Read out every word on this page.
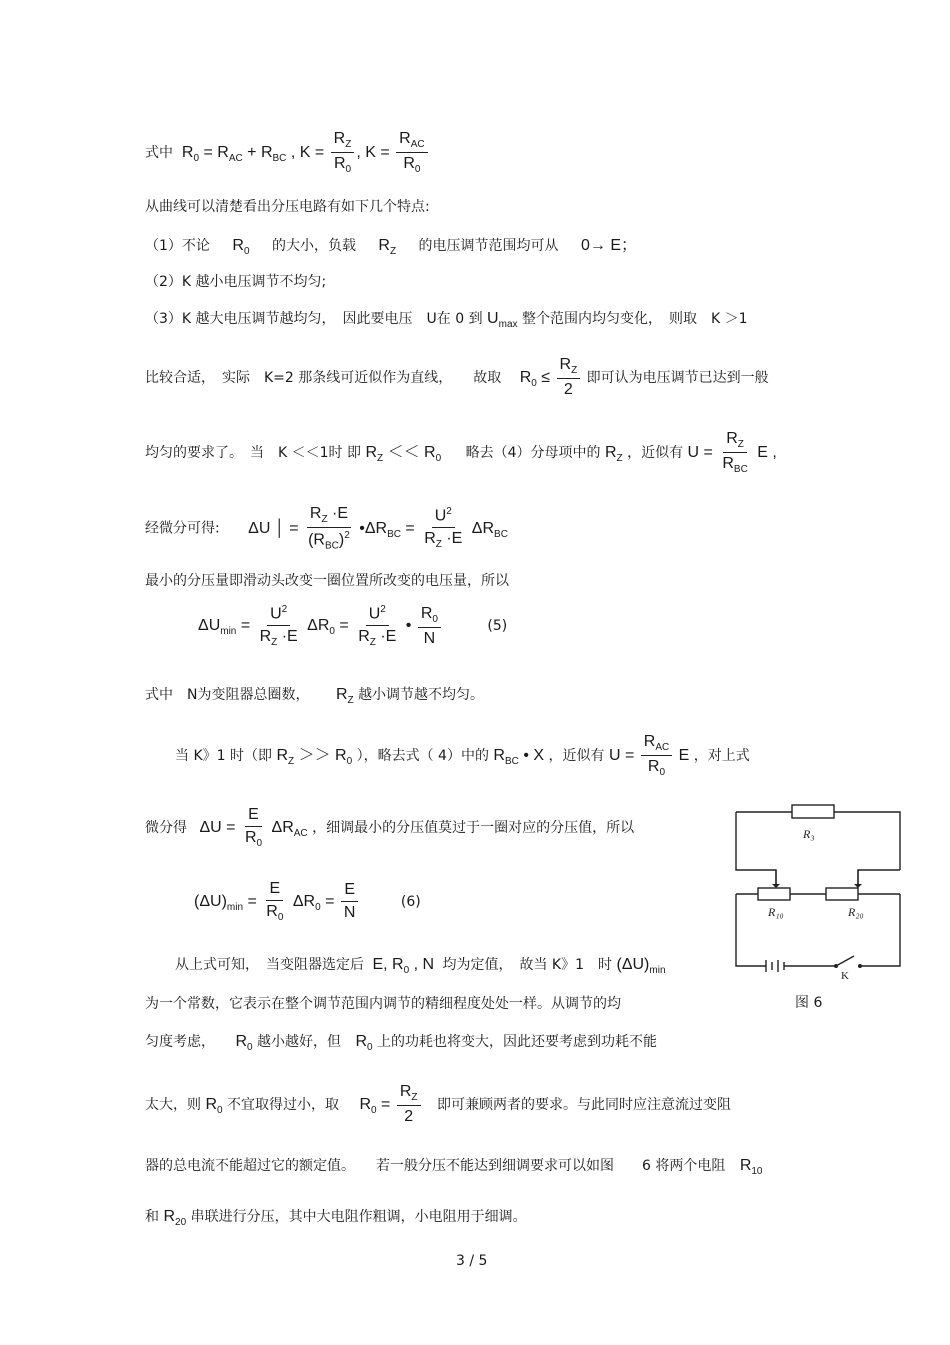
式中  $R_0 = R_{AC} + R_{BC}$ , $K = \frac{R_Z}{R_0}$ , $K = \frac{R_{AC}}{R_0}$
从曲线可以清楚看出分压电路有如下几个特点:
（1）不论 $R_0$ 的大小，负载 $R_Z$ 的电压调节范围均可从 0→ E；
（2）K 越小电压调节不均匀;
（3）K 越大电压调节越均匀，　因此要电压　U在 0 到 $U_{max}$ 整个范围内均匀变化，　则取　K ＞1
比较合适，　实际　K=2 那条线可近似作为直线，　　故取 $R_0 \le \frac{R_Z}{2}$ 即可认为电压调节已达到一般
均匀的要求了。　当　K ＜＜1时 即 $R_Z << R_0$ 略去（4）分母项中的 $R_Z$ ，近似有 $U = \frac{R_Z}{R_{BC}}$ E ,
经微分可得: ΔU │ = $\frac{R_Z \cdot E}{(R_{BC})^2}$ $•\Delta R_{BC} = \frac{U^2}{R_Z \cdot E} \Delta R_{BC}$
最小的分压量即滑动头改变一圈位置所改变的电压量，所以
$\Delta U_{min} = \frac{U^2}{R_Z \cdot E} \Delta R_0 = \frac{U^2}{R_Z \cdot E}$ • $\frac{R_0}{N}$	(5)
式中　N为变阻器总圈数， $R_Z$ 越小调节越不均匀。
当 K》1 时（即 $R_Z >> R_0$ ），略去式（ 4）中的 $R_{BC}$ • X ，近似有 $U = \frac{R_{AC}}{R_0}$ E ，对上式
微分得 $\Delta U = \frac{E}{R_0} \Delta R_{AC}$ ，细调最小的分压值莫过于一圈对应的分压值，所以
$(\Delta U)_{min} = \frac{E}{R_0} \Delta R_0 = \frac{E}{N}$	(6)
从上式可知，　当变阻器选定后 E, $R_0$ , N 均为定值，　故当 K》1　时 $(\Delta U)_{min}$
为一个常数，它表示在整个调节范围内调节的精细程度处处一样。从调节的均
匀度考虑， $R_0$ 越小越好，但 $R_0$ 上的功耗也将变大，因此还要考虑到功耗不能
太大，则 $R_0$ 不宜取得过小，取 $R_0 = \frac{R_Z}{2}$ 即可兼顾两者的要求。与此同时应注意流过变阻
器的总电流不能超过它的额定值。　　若一般分压不能达到细调要求可以如图　　6 将两个电阻 $R_{10}$
和 $R_{20}$ 串联进行分压，其中大电阻作粗调，小电阻用于细调。
R₃
R₁₀	R₂₀
K
图 6
3 / 5
